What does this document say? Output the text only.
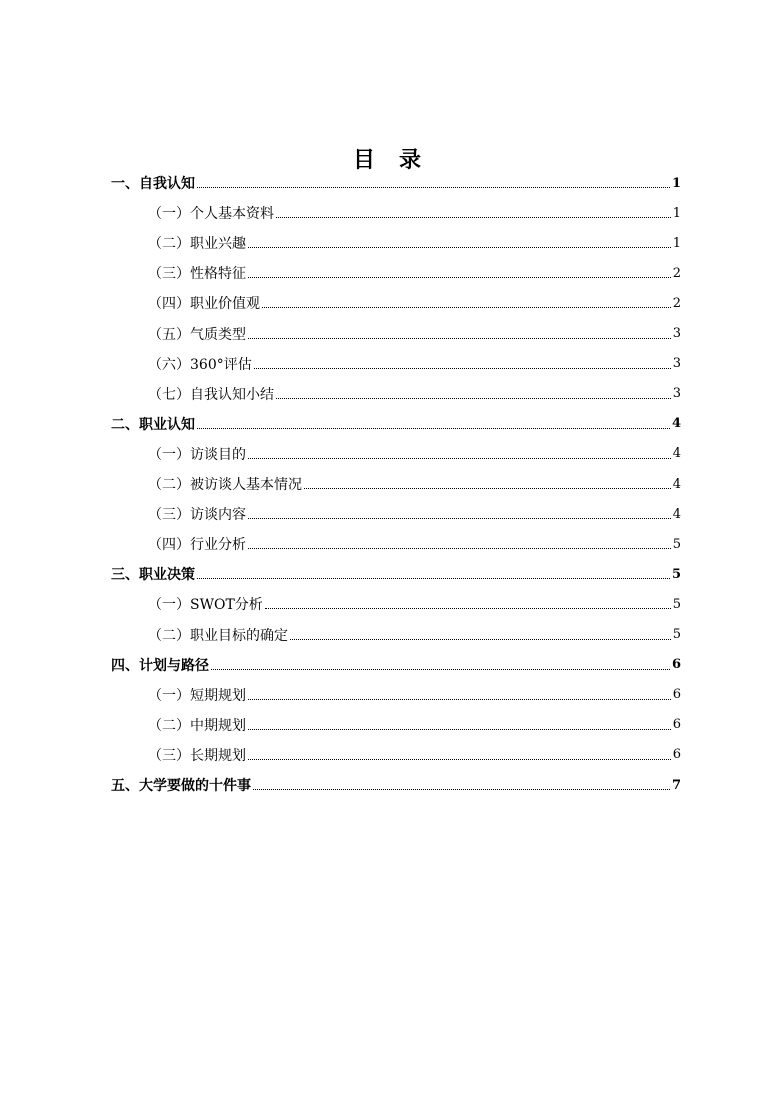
目录
一、自我认知	1
（一）个人基本资料	1
（二）职业兴趣	1
（三）性格特征	2
（四）职业价值观	2
（五）气质类型	3
（六）360°评估	3
（七）自我认知小结	3
二、职业认知	4
（一）访谈目的	4
（二）被访谈人基本情况	4
（三）访谈内容	4
（四）行业分析	5
三、职业决策	5
（一）SWOT分析	5
（二）职业目标的确定	5
四、计划与路径	6
（一）短期规划	6
（二）中期规划	6
（三）长期规划	6
五、大学要做的十件事	7
